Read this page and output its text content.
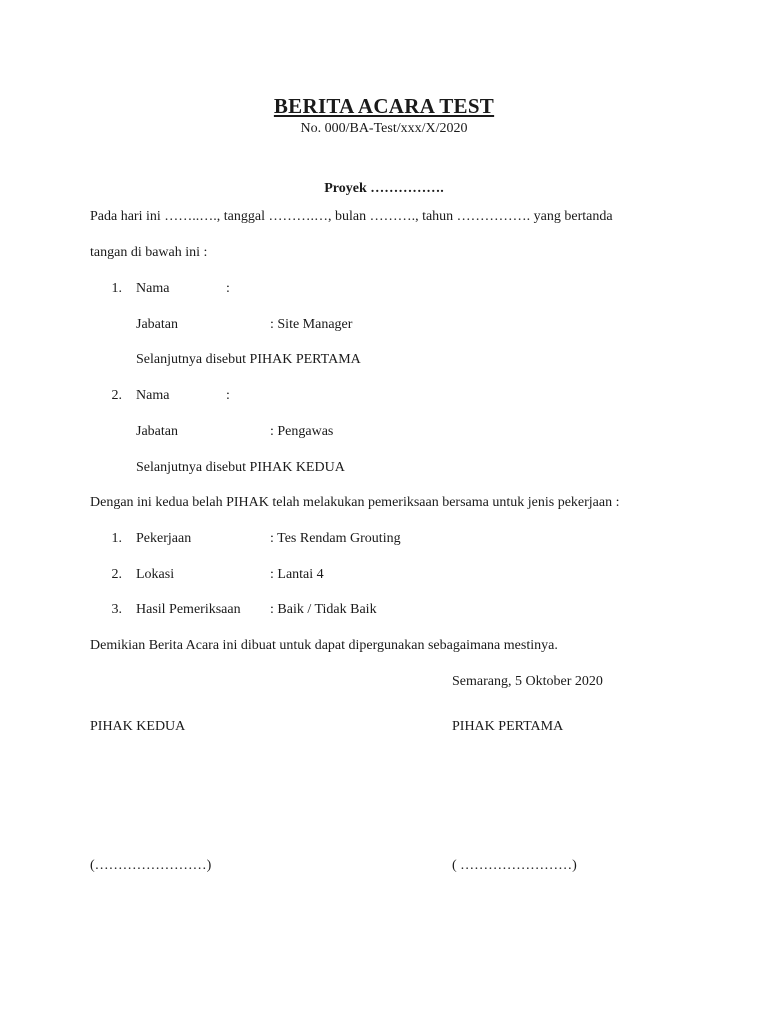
BERITA ACARA TEST
No. 000/BA-Test/xxx/X/2020
Proyek …………….
Pada hari ini ……..…., tanggal ……….…, bulan ………., tahun ……………. yang bertanda
tangan di bawah ini :
1. Nama	:
Jabatan	: Site Manager
Selanjutnya disebut PIHAK PERTAMA
2. Nama	:
Jabatan	: Pengawas
Selanjutnya disebut PIHAK KEDUA
Dengan ini kedua belah PIHAK telah melakukan pemeriksaan bersama untuk jenis pekerjaan :
1. Pekerjaan	: Tes Rendam Grouting
2. Lokasi	: Lantai 4
3. Hasil Pemeriksaan : Baik / Tidak Baik
Demikian Berita Acara ini dibuat untuk dapat dipergunakan sebagaimana mestinya.
Semarang, 5 Oktober 2020
PIHAK KEDUA	PIHAK PERTAMA
(……………………)	( ……………………)
